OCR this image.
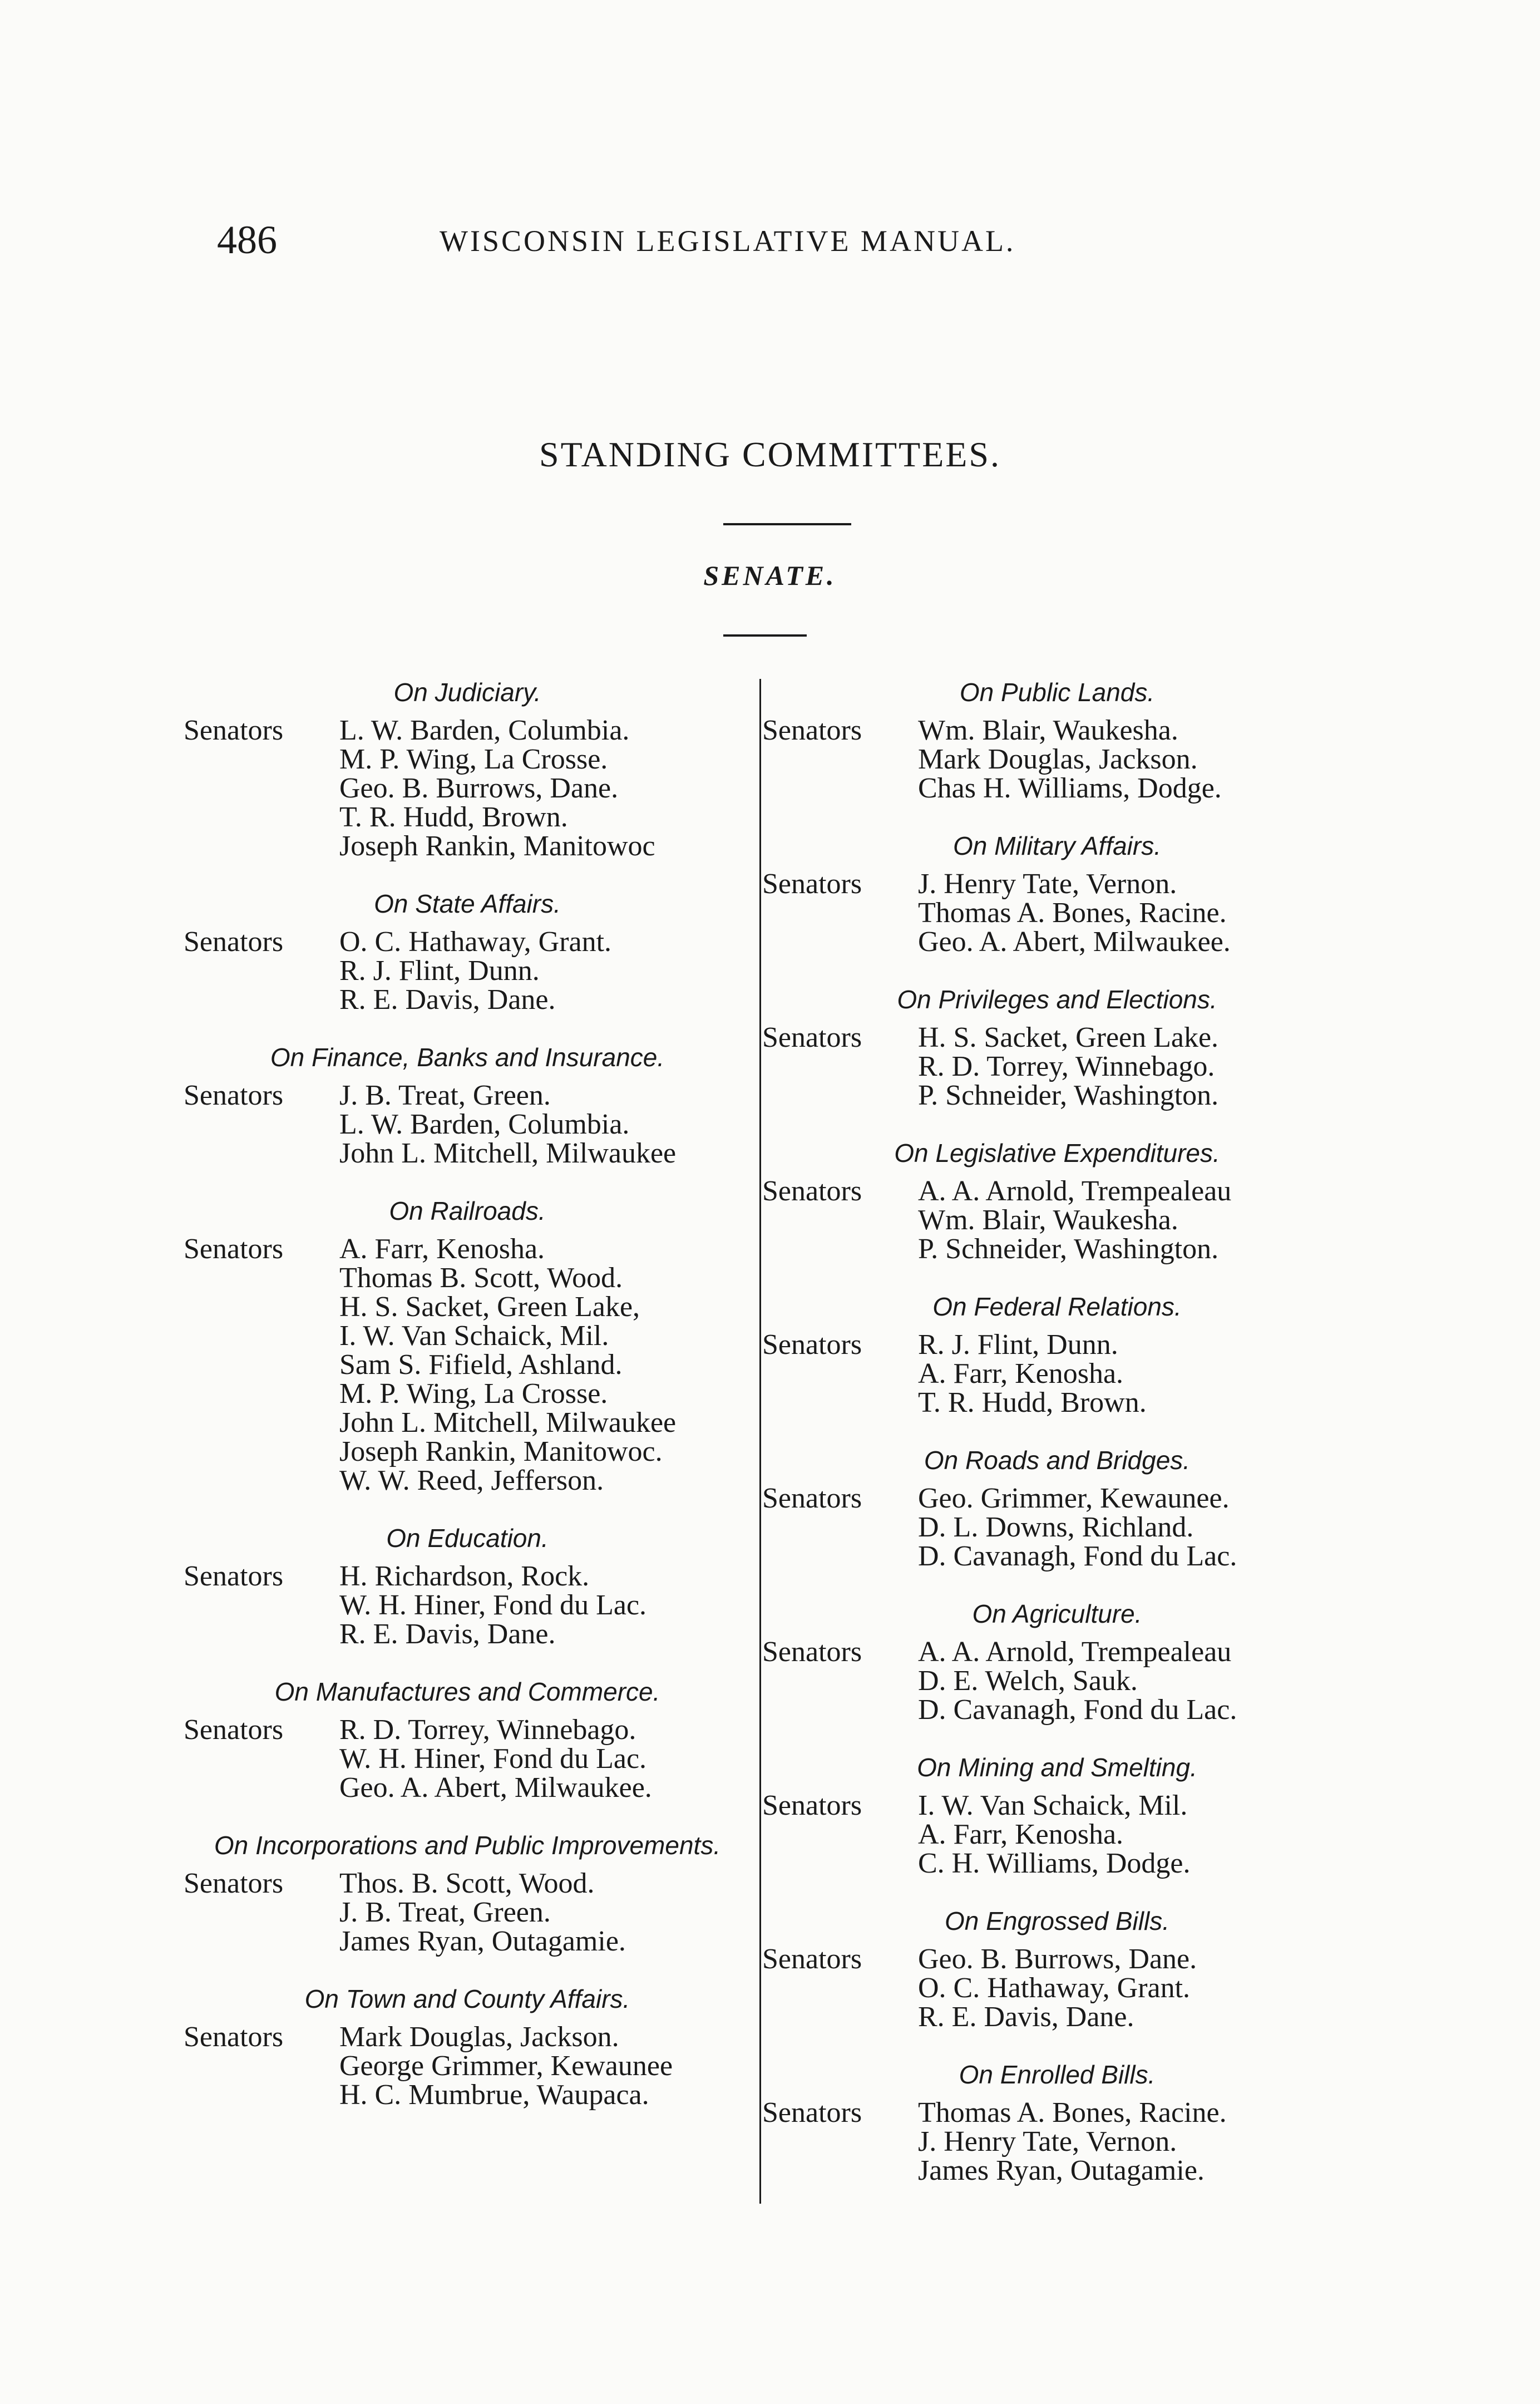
486	WISCONSIN LEGISLATIVE MANUAL.
STANDING COMMITTEES.
SENATE.
On Judiciary.
Senators	L. W. Barden, Columbia.
M. P. Wing, La Crosse.
Geo. B. Burrows, Dane.
T. R. Hudd, Brown.
Joseph Rankin, Manitowoc
On State Affairs.
Senators	O. C. Hathaway, Grant.
R. J. Flint, Dunn.
R. E. Davis, Dane.
On Finance, Banks and Insurance.
Senators	J. B. Treat, Green.
L. W. Barden, Columbia.
John L. Mitchell, Milwaukee
On Railroads.
Senators	A. Farr, Kenosha.
Thomas B. Scott, Wood.
H. S. Sacket, Green Lake,
I. W. Van Schaick, Mil.
Sam S. Fifield, Ashland.
M. P. Wing, La Crosse.
John L. Mitchell, Milwaukee
Joseph Rankin, Manitowoc.
W. W. Reed, Jefferson.
On Education.
Senators	H. Richardson, Rock.
W. H. Hiner, Fond du Lac.
R. E. Davis, Dane.
On Manufactures and Commerce.
Senators	R. D. Torrey, Winnebago.
W. H. Hiner, Fond du Lac.
Geo. A. Abert, Milwaukee.
On Incorporations and Public Improvements.
Senators	Thos. B. Scott, Wood.
J. B. Treat, Green.
James Ryan, Outagamie.
On Town and County Affairs.
Senators	Mark Douglas, Jackson.
George Grimmer, Kewaunee
H. C. Mumbrue, Waupaca.
On Public Lands.
Senators	Wm. Blair, Waukesha.
Mark Douglas, Jackson.
Chas H. Williams, Dodge.
On Military Affairs.
Senators	J. Henry Tate, Vernon.
Thomas A. Bones, Racine.
Geo. A. Abert, Milwaukee.
On Privileges and Elections.
Senators	H. S. Sacket, Green Lake.
R. D. Torrey, Winnebago.
P. Schneider, Washington.
On Legislative Expenditures.
Senators	A. A. Arnold, Trempealeau
Wm. Blair, Waukesha.
P. Schneider, Washington.
On Federal Relations.
Senators	R. J. Flint, Dunn.
A. Farr, Kenosha.
T. R. Hudd, Brown.
On Roads and Bridges.
Senators	Geo. Grimmer, Kewaunee.
D. L. Downs, Richland.
D. Cavanagh, Fond du Lac.
On Agriculture.
Senators	A. A. Arnold, Trempealeau
D. E. Welch, Sauk.
D. Cavanagh, Fond du Lac.
On Mining and Smelting.
Senators	I. W. Van Schaick, Mil.
A. Farr, Kenosha.
C. H. Williams, Dodge.
On Engrossed Bills.
Senators	Geo. B. Burrows, Dane.
O. C. Hathaway, Grant.
R. E. Davis, Dane.
On Enrolled Bills.
Senators	Thomas A. Bones, Racine.
J. Henry Tate, Vernon.
James Ryan, Outagamie.
